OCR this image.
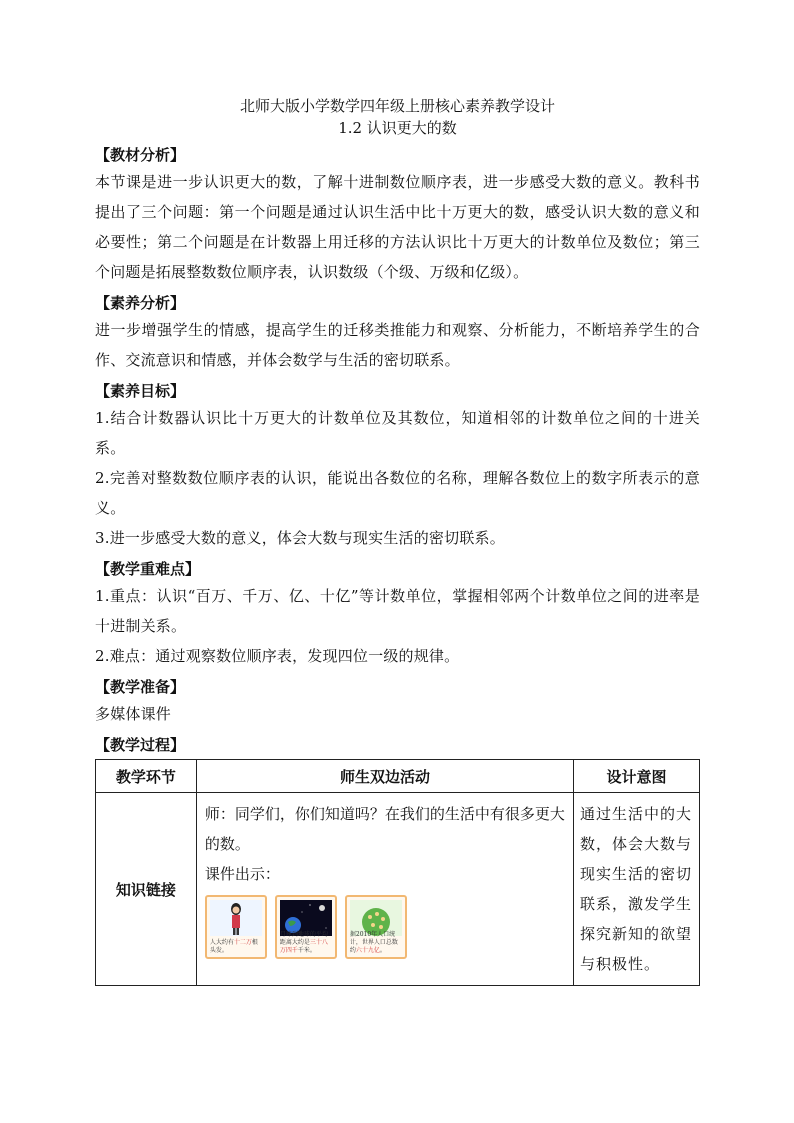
北师大版小学数学四年级上册核心素养教学设计
1.2 认识更大的数
【教材分析】
本节课是进一步认识更大的数，了解十进制数位顺序表，进一步感受大数的意义。教科书提出了三个问题：第一个问题是通过认识生活中比十万更大的数，感受认识大数的意义和必要性；第二个问题是在计数器上用迁移的方法认识比十万更大的计数单位及数位；第三个问题是拓展整数数位顺序表，认识数级（个级、万级和亿级）。
【素养分析】
进一步增强学生的情感，提高学生的迁移类推能力和观察、分析能力，不断培养学生的合作、交流意识和情感，并体会数学与生活的密切联系。
【素养目标】
1.结合计数器认识比十万更大的计数单位及其数位，知道相邻的计数单位之间的十进关系。
2.完善对整数数位顺序表的认识，能说出各数位的名称，理解各数位上的数字所表示的意义。
3.进一步感受大数的意义，体会大数与现实生活的密切联系。
【教学重难点】
1.重点：认识“百万、千万、亿、十亿”等计数单位，掌握相邻两个计数单位之间的进率是十进制关系。
2.难点：通过观察数位顺序表，发现四位一级的规律。
【教学准备】
多媒体课件
【教学过程】
教学环节	师生双边活动	设计意图
知识链接	师：同学们，你们知道吗？在我们的生活中有很多更大的数。
课件出示：
人大约有十二万根头发。
月球到地球的平均距离大约是三十八万四千千米。
据2010年人口统计，世界人口总数约六十九亿。	通过生活中的大数，体会大数与现实生活的密切联系，激发学生探究新知的欲望与积极性。
